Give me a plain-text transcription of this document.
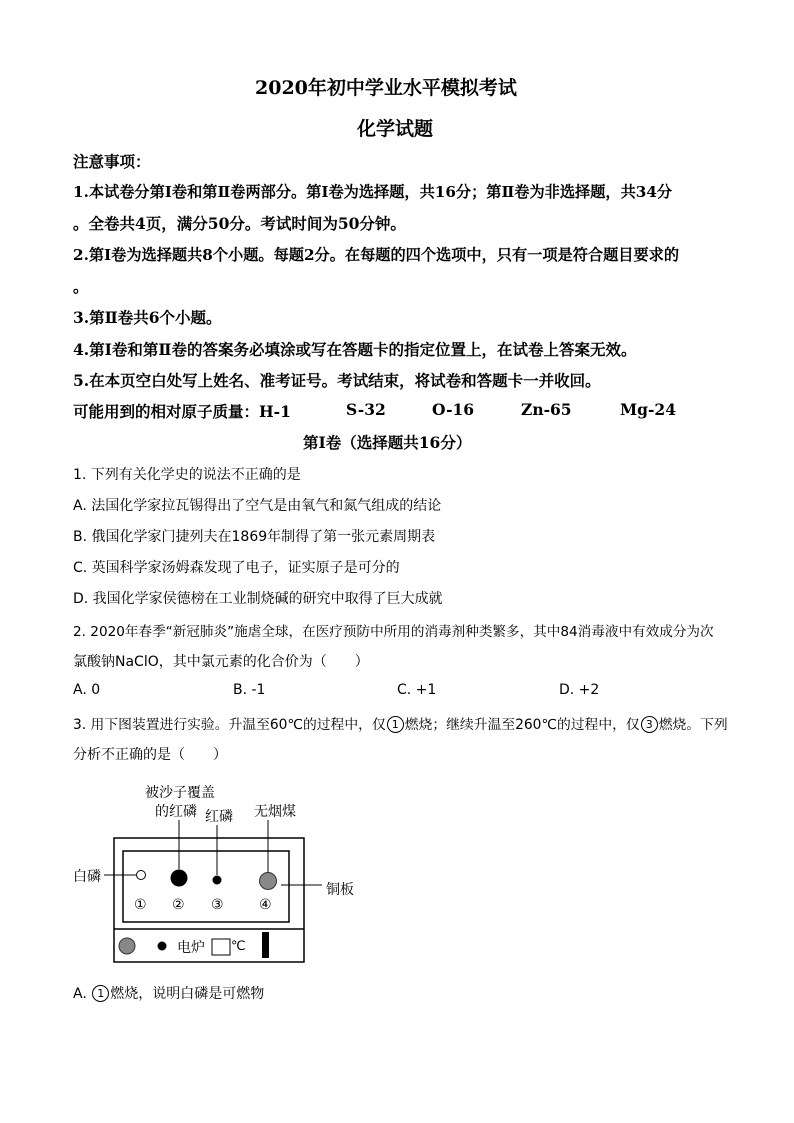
2020年初中学业水平模拟考试
化学试题
注意事项：
1.本试卷分第Ⅰ卷和第Ⅱ卷两部分。第Ⅰ卷为选择题，共16分；第Ⅱ卷为非选择题，共34分
。全卷共4页，满分50分。考试时间为50分钟。
2.第Ⅰ卷为选择题共8个小题。每题2分。在每题的四个选项中，只有一项是符合题目要求的
。
3.第Ⅱ卷共6个小题。
4.第Ⅰ卷和第Ⅱ卷的答案务必填涂或写在答题卡的指定位置上，在试卷上答案无效。
5.在本页空白处写上姓名、准考证号。考试结束，将试卷和答题卡一并收回。
可能用到的相对原子质量：H-1	S-32	O-16	Zn-65	Mg-24
第Ⅰ卷（选择题共16分）
1. 下列有关化学史的说法不正确的是
A. 法国化学家拉瓦锡得出了空气是由氧气和氮气组成的结论
B. 俄国化学家门捷列夫在1869年制得了第一张元素周期表
C. 英国科学家汤姆森发现了电子，证实原子是可分的
D. 我国化学家侯德榜在工业制烧碱的研究中取得了巨大成就
2. 2020年春季“新冠肺炎”施虐全球，在医疗预防中所用的消毒剂种类繁多，其中84消毒液中有效成分为次
氯酸钠NaClO，其中氯元素的化合价为（　　）
A. 0	B. -1	C. +1	D. +2
3. 用下图装置进行实验。升温至60℃的过程中，仅 1 燃烧；继续升温至260℃的过程中，仅 3 燃烧。下列
分析不正确的是（　　）
被沙子覆盖
的红磷 红磷 无烟煤
白磷
铜板
① ② ③	④
电炉 ℃
A. 1 燃烧，说明白磷是可燃物
